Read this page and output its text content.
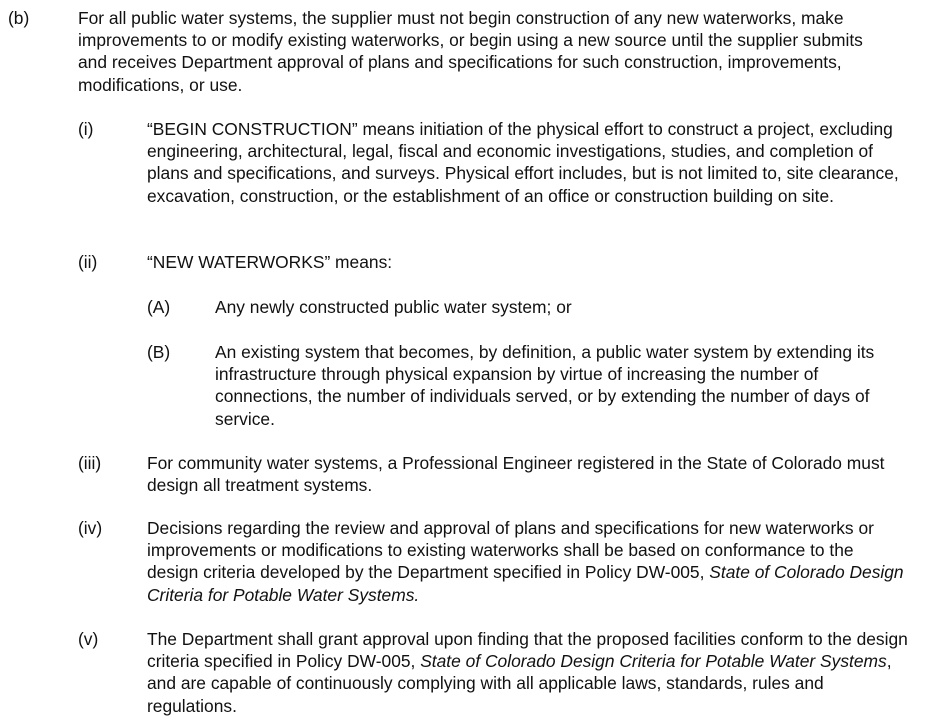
(b)	For all public water systems, the supplier must not begin construction of any new waterworks, make improvements to or modify existing waterworks, or begin using a new source until the supplier submits and receives Department approval of plans and specifications for such construction, improvements, modifications, or use.

(i)	“BEGIN CONSTRUCTION” means initiation of the physical effort to construct a project, excluding engineering, architectural, legal, fiscal and economic investigations, studies, and completion of plans and specifications, and surveys. Physical effort includes, but is not limited to, site clearance, excavation, construction, or the establishment of an office or construction building on site.

(ii)	“NEW WATERWORKS” means:

(A)	Any newly constructed public water system; or

(B)	An existing system that becomes, by definition, a public water system by extending its infrastructure through physical expansion by virtue of increasing the number of connections, the number of individuals served, or by extending the number of days of service.

(iii)	For community water systems, a Professional Engineer registered in the State of Colorado must design all treatment systems.

(iv)	Decisions regarding the review and approval of plans and specifications for new waterworks or improvements or modifications to existing waterworks shall be based on conformance to the design criteria developed by the Department specified in Policy DW-005, State of Colorado Design Criteria for Potable Water Systems.

(v)	The Department shall grant approval upon finding that the proposed facilities conform to the design criteria specified in Policy DW-005, State of Colorado Design Criteria for Potable Water Systems, and are capable of continuously complying with all applicable laws, standards, rules and regulations.
